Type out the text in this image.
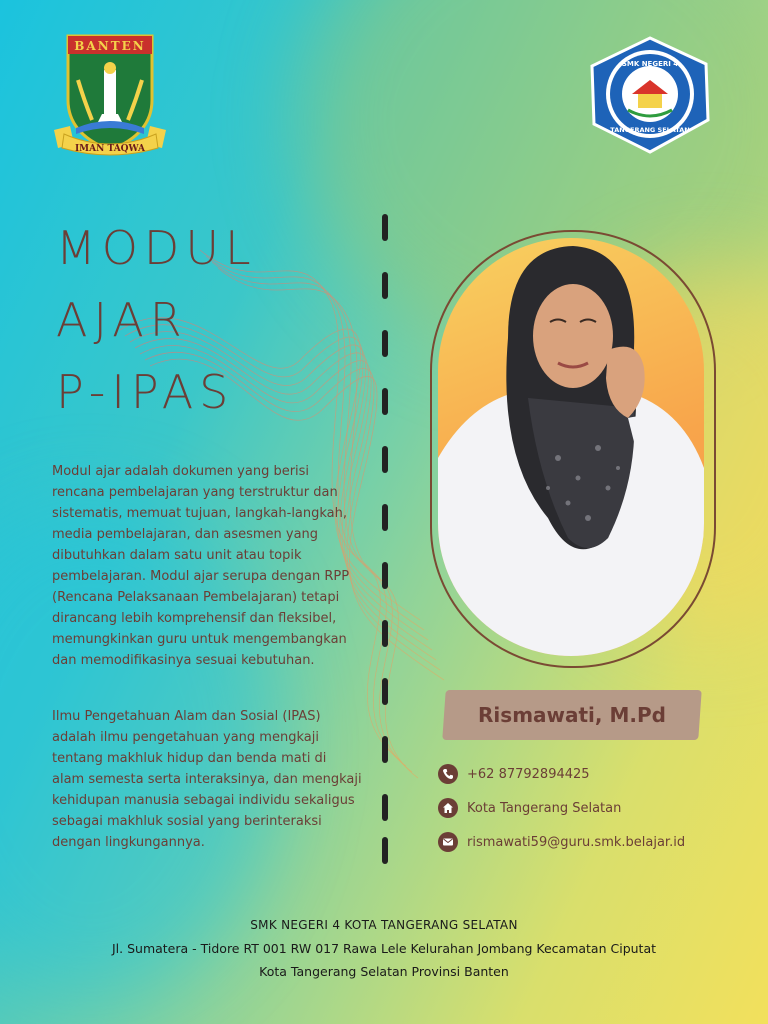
BANTEN
IMAN TAQWA
SMK NEGERI 4
TANGERANG SELATAN
MODUL
AJAR
P-IPAS
Modul ajar adalah dokumen yang berisi
rencana pembelajaran yang terstruktur dan
sistematis, memuat tujuan, langkah-langkah,
media pembelajaran, dan asesmen yang
dibutuhkan dalam satu unit atau topik
pembelajaran. Modul ajar serupa dengan RPP
(Rencana Pelaksanaan Pembelajaran) tetapi
dirancang lebih komprehensif dan fleksibel,
memungkinkan guru untuk mengembangkan
dan memodifikasinya sesuai kebutuhan.
Ilmu Pengetahuan Alam dan Sosial (IPAS)
adalah ilmu pengetahuan yang mengkaji
tentang makhluk hidup dan benda mati di
alam semesta serta interaksinya, dan mengkaji
kehidupan manusia sebagai individu sekaligus
sebagai makhluk sosial yang berinteraksi
dengan lingkungannya.
Rismawati, M.Pd
+62 87792894425
Kota Tangerang Selatan
rismawati59@guru.smk.belajar.id
SMK NEGERI 4 KOTA TANGERANG SELATAN
Jl. Sumatera - Tidore RT 001 RW 017 Rawa Lele Kelurahan Jombang Kecamatan Ciputat
Kota Tangerang Selatan Provinsi Banten
